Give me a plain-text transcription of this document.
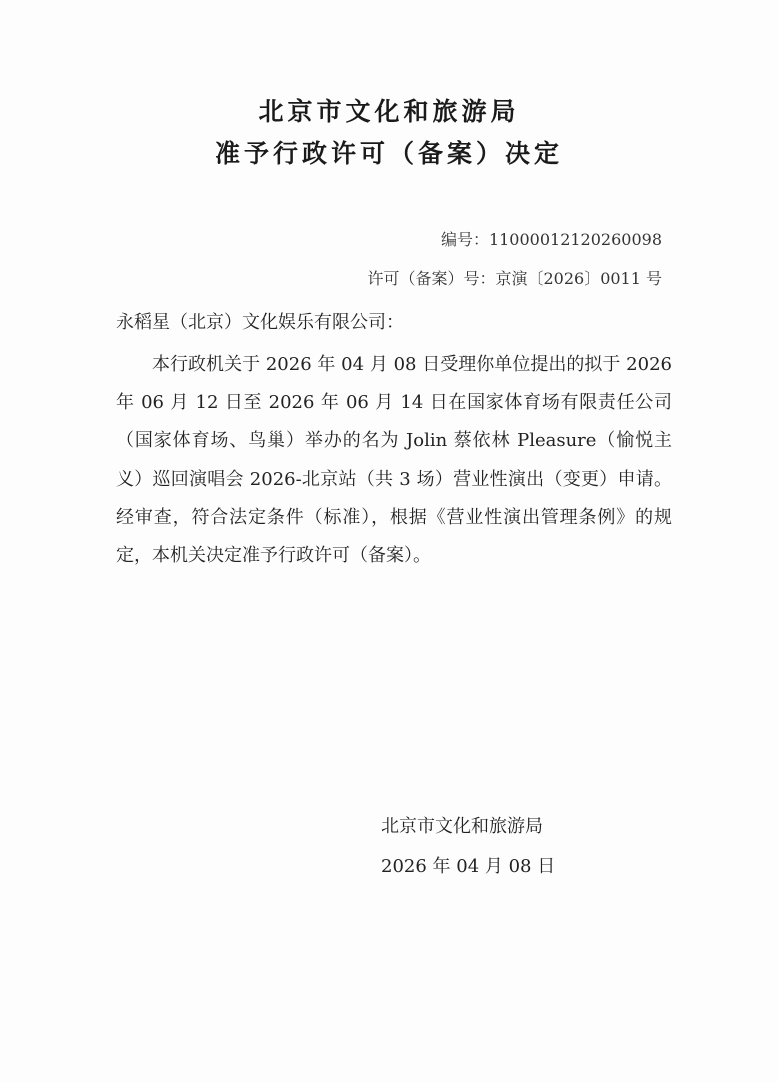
北京市文化和旅游局
准予行政许可（备案）决定

编号：11000012120260098

许可（备案）号：京演〔2026〕0011 号

永稻星（北京）文化娱乐有限公司：

本行政机关于 2026 年 04 月 08 日受理你单位提出的拟于 2026 年 06 月 12 日至 2026 年 06 月 14 日在国家体育场有限责任公司（国家体育场、鸟巢）举办的名为 Jolin 蔡依林 Pleasure（愉悦主义）巡回演唱会 2026-北京站（共 3 场）营业性演出（变更）申请。经审查，符合法定条件（标准），根据《营业性演出管理条例》的规定，本机关决定准予行政许可（备案）。

北京市文化和旅游局

2026 年 04 月 08 日
